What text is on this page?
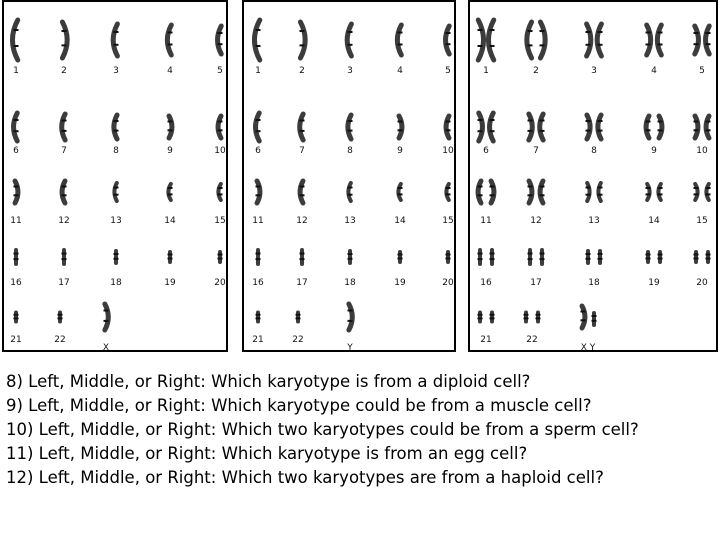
1	2	3	4	5
6	7	8	9	10
11	12	13	14	15
16	17	18	19	20
21	22
X
1	2	3	4	5
6	7	8	9	10
11	12	13	14	15
16	17	18	19	20
21	22
Y
1	2	3	4	5
6	7	8	9	10
11	12	13	14	15
16	17	18	19	20
21	22
X Y
8) Left, Middle, or Right: Which karyotype is from a diploid cell?
9) Left, Middle, or Right: Which karyotype could be from a muscle cell?
10) Left, Middle, or Right: Which two karyotypes could be from a sperm cell?
11) Left, Middle, or Right: Which karyotype is from an egg cell?
12) Left, Middle, or Right: Which two karyotypes are from a haploid cell?
